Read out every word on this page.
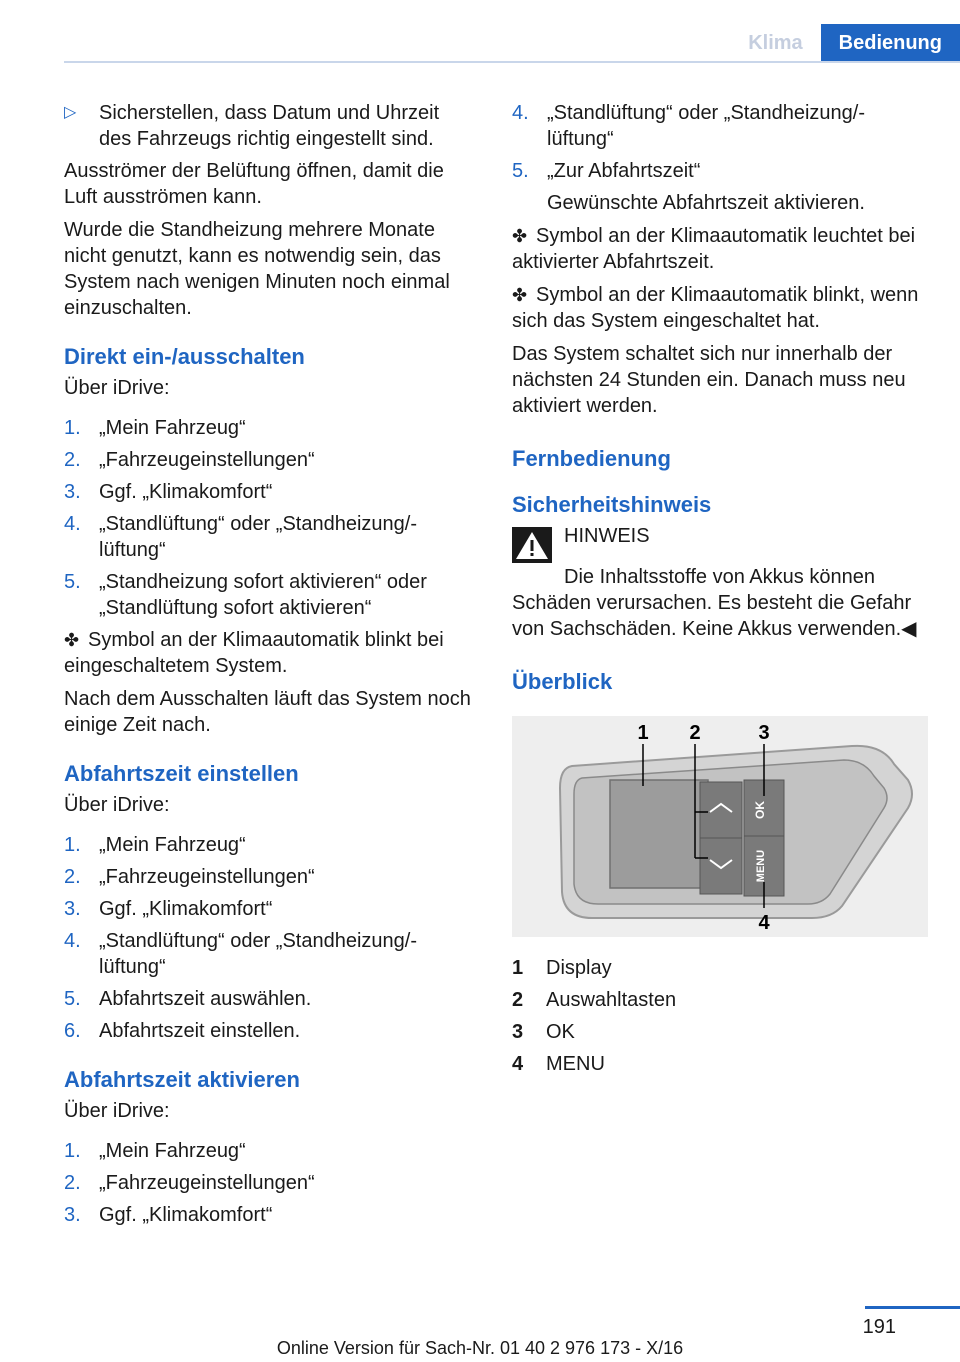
Klima	Bedienung
▷	Sicherstellen, dass Datum und Uhrzeit des Fahrzeugs richtig eingestellt sind.

Ausströmer der Belüftung öffnen, damit die Luft ausströmen kann.

Wurde die Standheizung mehrere Monate nicht genutzt, kann es notwendig sein, das System nach wenigen Minuten noch einmal einzuschalten.

Direkt ein-/ausschalten

Über iDrive:

1. „Mein Fahrzeug“
2. „Fahrzeugeinstellungen“
3. Ggf. „Klimakomfort“
4. „Standlüftung“ oder „Standheizung/-lüftung“
5. „Standheizung sofort aktivieren“ oder „Standlüftung sofort aktivieren“

✤ Symbol an der Klimaautomatik blinkt bei eingeschaltetem System.

Nach dem Ausschalten läuft das System noch einige Zeit nach.

Abfahrtszeit einstellen

Über iDrive:

1. „Mein Fahrzeug“
2. „Fahrzeugeinstellungen“
3. Ggf. „Klimakomfort“
4. „Standlüftung“ oder „Standheizung/-lüftung“
5. Abfahrtszeit auswählen.
6. Abfahrtszeit einstellen.
Abfahrtszeit aktivieren

Über iDrive:

1. „Mein Fahrzeug“
2. „Fahrzeugeinstellungen“
3. Ggf. „Klimakomfort“
4. „Standlüftung“ oder „Standheizung/-lüftung“
5. „Zur Abfahrtszeit“

Gewünschte Abfahrtszeit aktivieren.

✤ Symbol an der Klimaautomatik leuchtet bei aktivierter Abfahrtszeit.

✤ Symbol an der Klimaautomatik blinkt, wenn sich das System eingeschaltet hat.

Das System schaltet sich nur innerhalb der nächsten 24 Stunden ein. Danach muss neu aktiviert werden.

Fernbedienung
Sicherheitshinweis

HINWEIS

Die Inhaltsstoffe von Akkus können Schäden verursachen. Es besteht die Gefahr von Sachschäden. Keine Akkus verwenden.◀

Überblick
OK
MENU
1 2	3
4
1	Display
2	Auswahltasten
3	OK
4	MENU
191
Online Version für Sach-Nr. 01 40 2 976 173 - X/16
